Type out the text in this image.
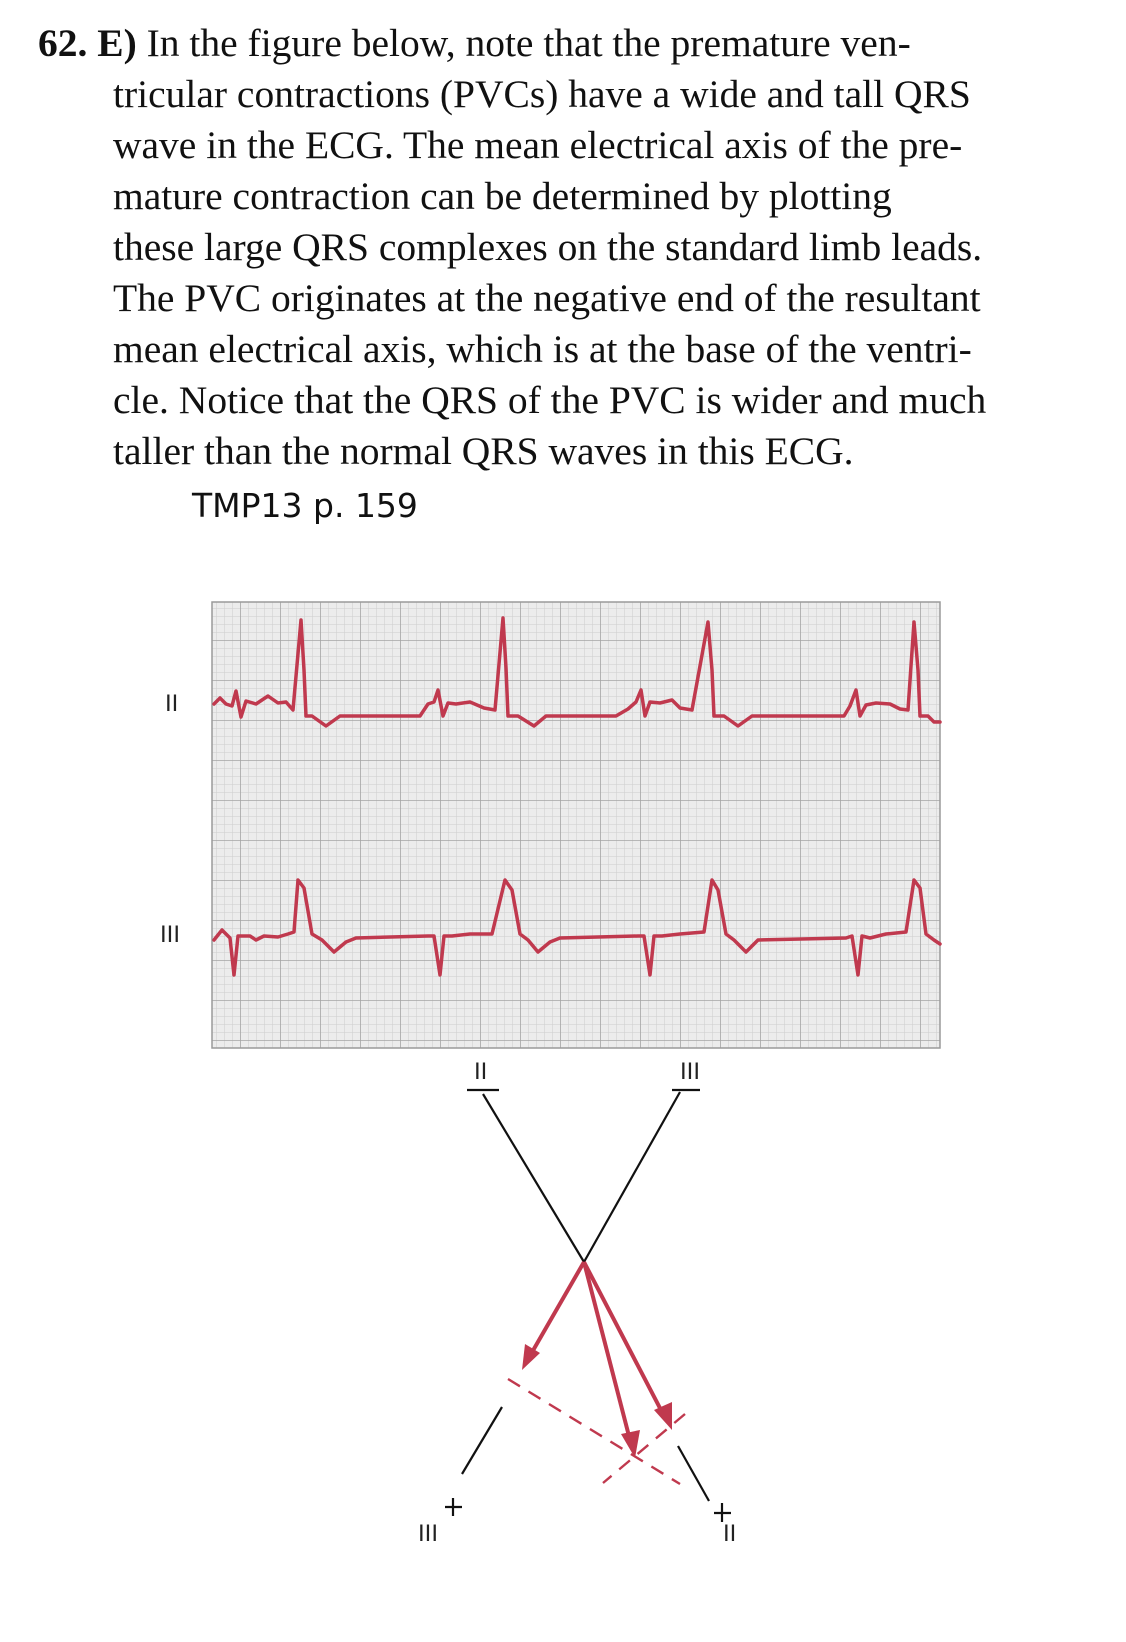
62. E) In the figure below, note that the premature ven-
tricular contractions (PVCs) have a wide and tall QRS
wave in the ECG. The mean electrical axis of the pre-
mature contraction can be determined by plotting
these large QRS complexes on the standard limb leads.
The PVC originates at the negative end of the resultant
mean electrical axis, which is at the base of the ventri-
cle. Notice that the QRS of the PVC is wider and much
taller than the normal QRS waves in this ECG.
TMP13 p. 159
II
III
II	III
III	II
